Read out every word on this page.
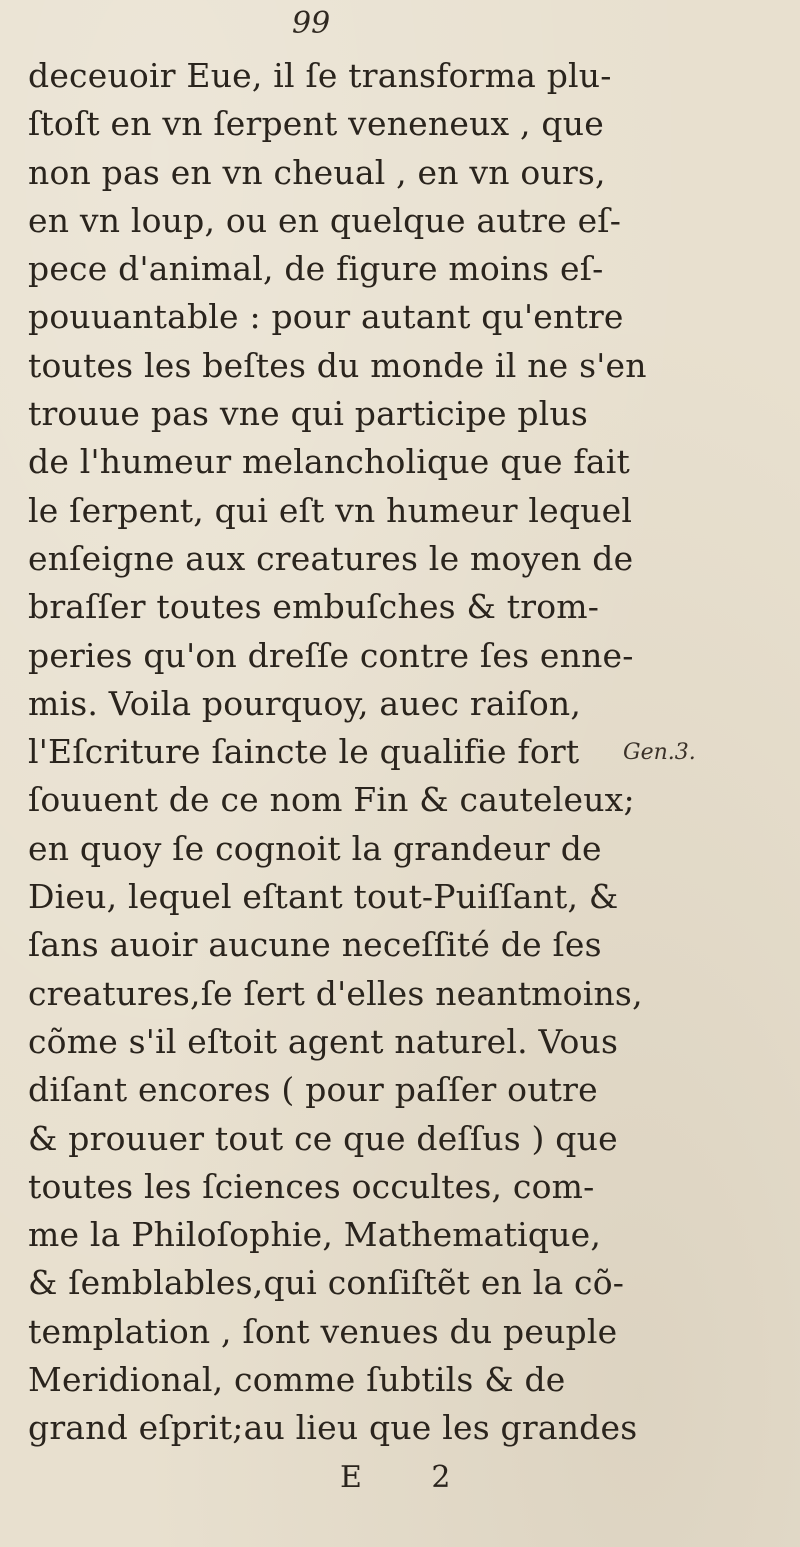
99
deceuoir Eue, il ſe transforma plu-
ſtoſt en vn ſerpent veneneux , que
non pas en vn cheual , en vn ours,
en vn loup, ou en quelque autre eſ-
pece d'animal, de figure moins eſ-
pouuantable : pour autant qu'entre
toutes les beſtes du monde il ne s'en
trouue pas vne qui participe plus
de l'humeur melancholique que fait
le ſerpent, qui eſt vn humeur lequel
enſeigne aux creatures le moyen de
braſſer toutes embuſches & trom-
peries qu'on dreſſe contre ſes enne-
mis. Voila pourquoy, auec raiſon,
l'Eſcriture ſaincte le qualifie fort
ſouuent de ce nom Fin & cauteleux;
en quoy ſe cognoit la grandeur de
Dieu, lequel eſtant tout-Puiſſant, &
ſans auoir aucune neceſſité de ſes
creatures,ſe ſert d'elles neantmoins,
cõme s'il eſtoit agent naturel. Vous
diſant encores ( pour paſſer outre
& prouuer tout ce que deſſus ) que
toutes les ſciences occultes, com-
me la Philoſophie, Mathematique,
& ſemblables,qui conſiſtẽt en la cõ-
templation , ſont venues du peuple
Meridional, comme ſubtils & de
grand eſprit;au lieu que les grandes
Gen.3.
E 2
